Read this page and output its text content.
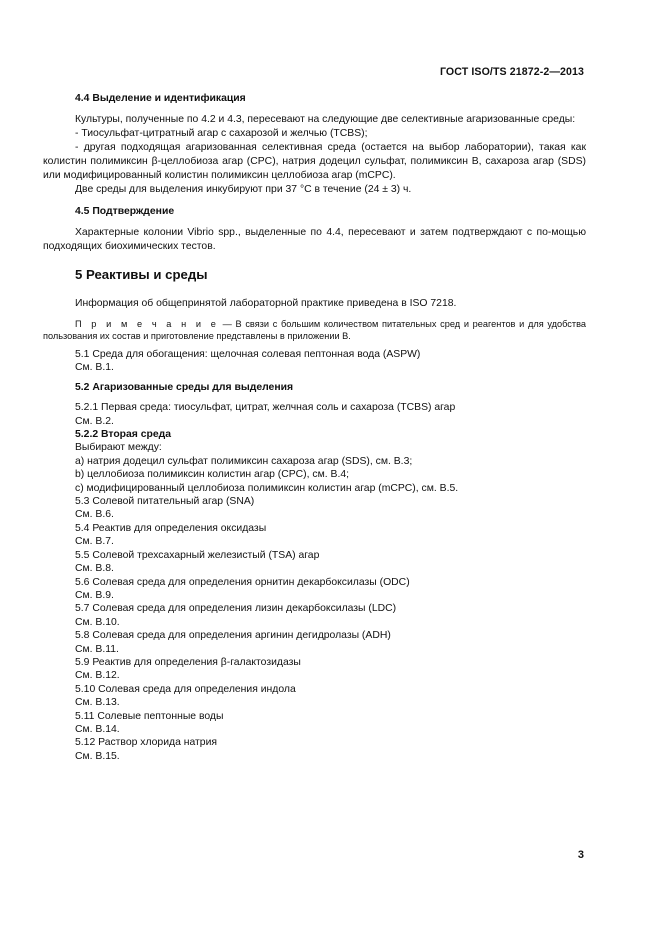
ГОСТ ISO/TS 21872-2—2013

4.4 Выделение и идентификация

Культуры, полученные по 4.2 и 4.3, пересевают на следующие две селективные агаризованные среды:

- Тиосульфат-цитратный агар с сахарозой и желчью (TCBS);

- другая подходящая агаризованная селективная среда (остается на выбор лаборатории), такая как колистин полимиксин β-целлобиоза агар (CPC), натрия додецил сульфат, полимиксин B, сахароза агар (SDS) или модифицированный колистин полимиксин целлобиоза агар (mCPC).

Две среды для выделения инкубируют при 37 °C в течение (24 ± 3) ч.

4.5 Подтверждение

Характерные колонии Vibrio spp., выделенные по 4.4, пересевают и затем подтверждают с по-мощью подходящих биохимических тестов.

5 Реактивы и среды

Информация об общепринятой лабораторной практике приведена в ISO 7218.

П р и м е ч а н и е — В связи с большим количеством питательных сред и реагентов и для удобства пользования их состав и приготовление представлены в приложении В.

5.1 Среда для обогащения: щелочная солевая пептонная вода (ASPW)

См. В.1.

5.2 Агаризованные среды для выделения

5.2.1 Первая среда: тиосульфат, цитрат, желчная соль и сахароза (TCBS) агар

См. В.2.

5.2.2 Вторая среда

Выбирают между:

a) натрия додецил сульфат полимиксин сахароза агар (SDS), см. В.3;

b) целлобиоза полимиксин колистин агар (CPC), см. В.4;

c) модифицированный целлобиоза полимиксин колистин агар (mCPC), см. В.5.

5.3 Солевой питательный агар (SNA)

См. В.6.

5.4 Реактив для определения оксидазы

См. В.7.

5.5 Солевой трехсахарный железистый (TSA) агар

См. В.8.

5.6 Солевая среда для определения орнитин декарбоксилазы (ODC)

См. В.9.

5.7 Солевая среда для определения лизин декарбоксилазы (LDC)

См. В.10.

5.8 Солевая среда для определения аргинин дегидролазы (ADH)

См. В.11.

5.9 Реактив для определения β-галактозидазы

См. В.12.

5.10 Солевая среда для определения индола

См. В.13.

5.11 Солевые пептонные воды

См. В.14.

5.12 Раствор хлорида натрия

См. В.15.

3
